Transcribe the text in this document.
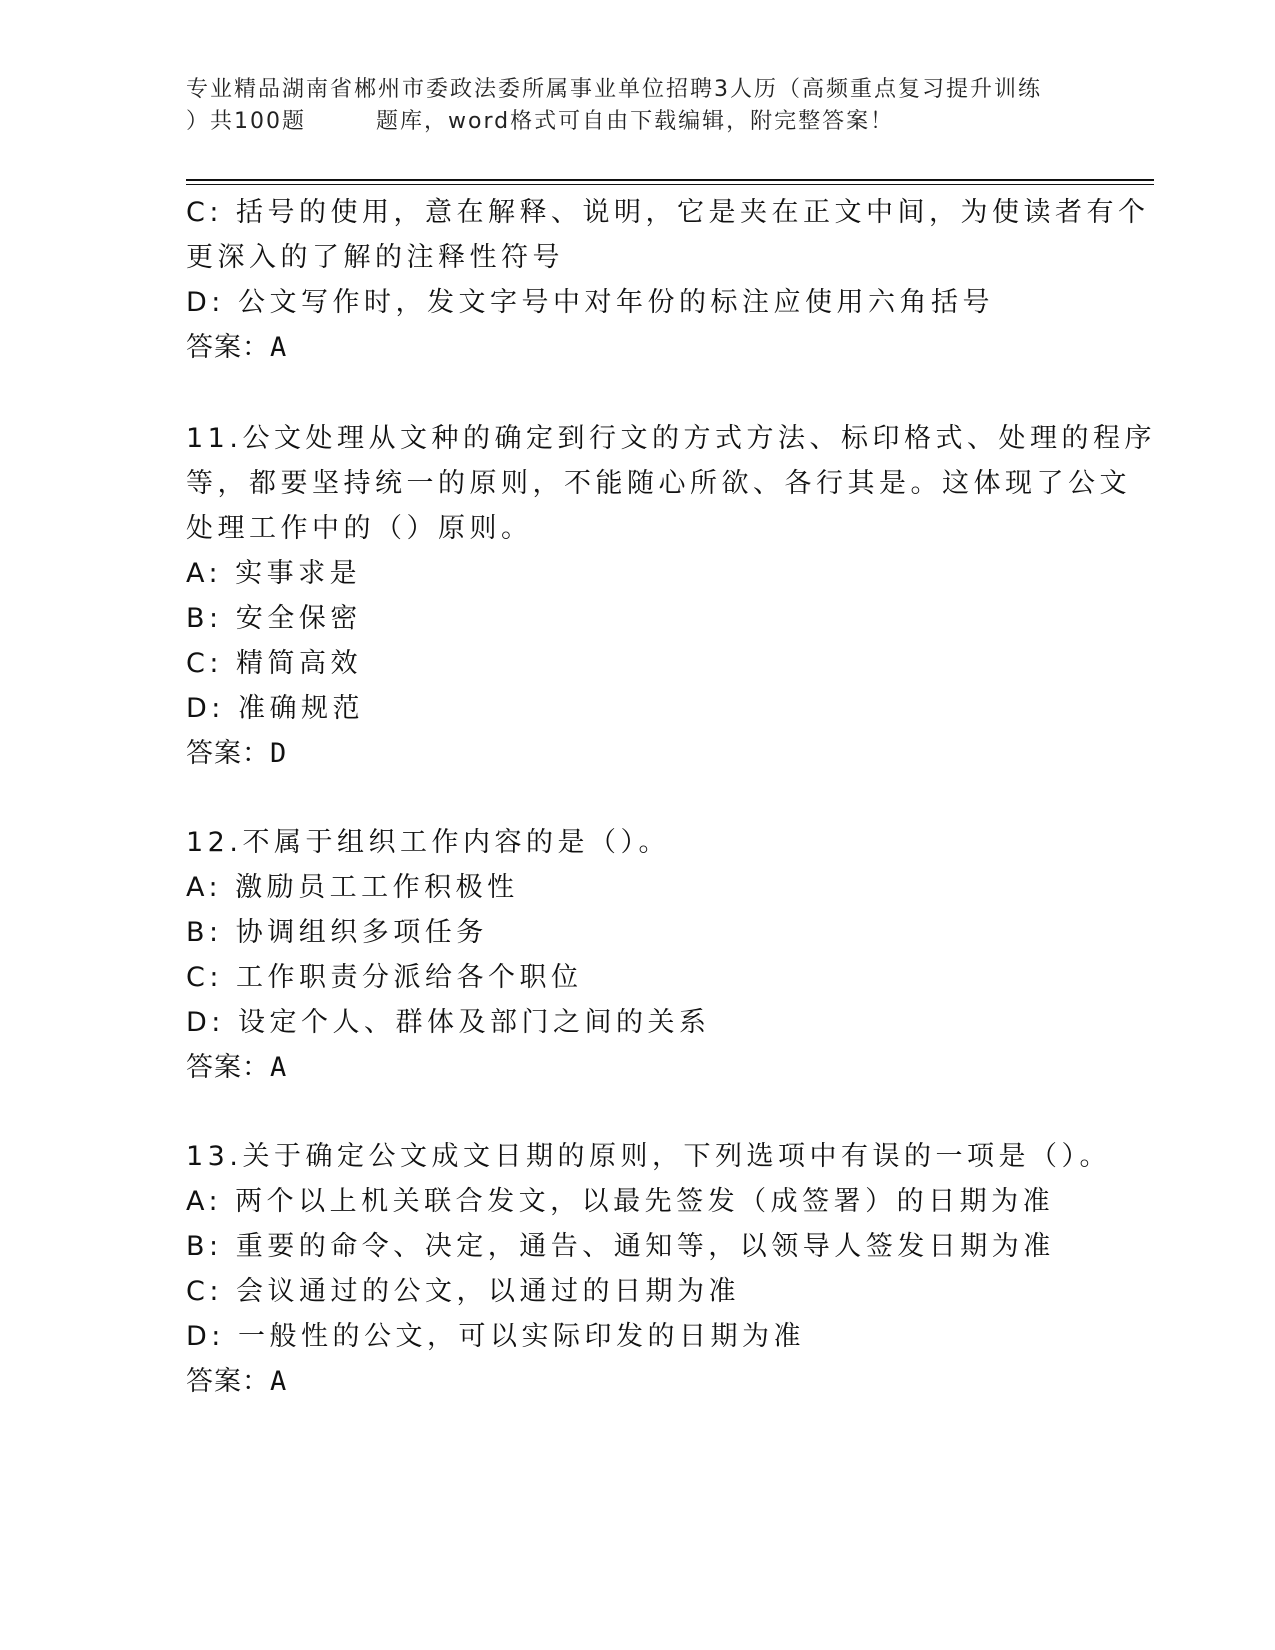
专业精品湖南省郴州市委政法委所属事业单位招聘3人历（高频重点复习提升训练
）共100题	题库，word格式可自由下载编辑，附完整答案！
C: 括号的使用，意在解释、说明，它是夹在正文中间，为使读者有个
更深入的了解的注释性符号
D: 公文写作时，发文字号中对年份的标注应使用六角括号
答案：A
11.公文处理从文种的确定到行文的方式方法、标印格式、处理的程序
等，都要坚持统一的原则，不能随心所欲、各行其是。这体现了公文
处理工作中的（）原则。
A: 实事求是
B: 安全保密
C: 精简高效
D: 准确规范
答案：D
12.不属于组织工作内容的是（）。
A: 激励员工工作积极性
B: 协调组织多项任务
C: 工作职责分派给各个职位
D: 设定个人、群体及部门之间的关系
答案：A
13.关于确定公文成文日期的原则，下列选项中有误的一项是（）。
A: 两个以上机关联合发文，以最先签发（成签署）的日期为准
B: 重要的命令、决定，通告、通知等，以领导人签发日期为准
C: 会议通过的公文，以通过的日期为准
D: 一般性的公文，可以实际印发的日期为准
答案：A
